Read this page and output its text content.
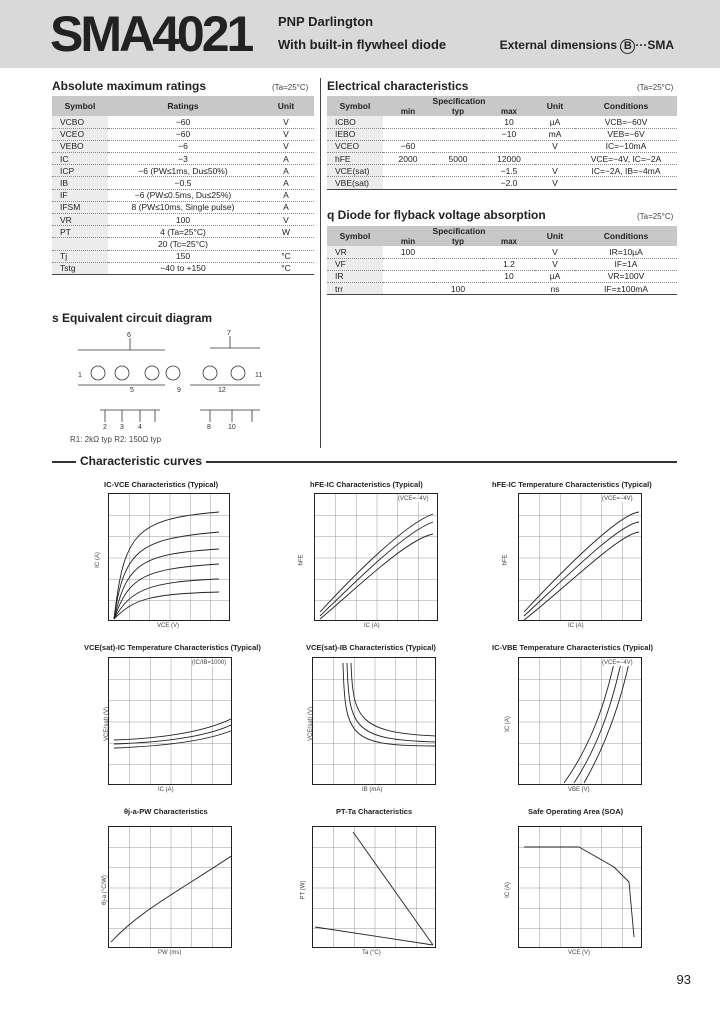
SMA4021 PNP Darlington
With built-in flywheel diode	External dimensions B ···SMA
Absolute maximum ratings	(Ta=25°C)
Symbol	Ratings	Unit
VCBO	−60	V
VCEO	−60	V
VEBO	−6	V
IC	−3	A
ICP	−6 (PW≤1ms, Du≤50%)	A
IB	−0.5	A
IF	−6 (PW≤0.5ms, Du≤25%)	A
IFSM	8 (PW≤10ms, Single pulse)	A
VR	100	V
PT	4 (Ta=25°C)	W
	20 (Tc=25°C)	
Tj	150	°C
Tstg	−40 to +150	°C
Electrical characteristics	(Ta=25°C)
Symbol	Specification			Unit	Conditions
	min	typ	max		
ICBO			10	µA	VCB=−60V
IEBO			−10	mA	VEB=−6V
VCEO	−60			V	IC=−10mA
hFE	2000	5000	12000		VCE=−4V, IC=−2A
VCE(sat)			−1.5	V	IC=−2A, IB=−4mA
VBE(sat)			−2.0	V	
q Diode for flyback voltage absorption	(Ta=25°C)
Symbol	Specification			Unit	Conditions
	min	typ	max		
VR	100			V	IR=10µA
VF			1.2	V	IF=1A
IR			10	µA	VR=100V
trr		100		ns	IF=±100mA
s Equivalent circuit diagram
6	7
1
2 3 4
5
8
9
10
11
12
R1: 2kΩ typ R2: 150Ω typ
Characteristic curves
IC-VCE Characteristics (Typical)
VCE (V)
IC (A)
hFE-IC Characteristics (Typical)
IC (A)
hFE
(VCE=−4V)
hFE-IC Temperature Characteristics (Typical)
IC (A)
hFE
(VCE=−4V)
VCE(sat)-IC Temperature Characteristics (Typical)
IC (A)
VCE(sat) (V)
(IC/IB=1000)
VCE(sat)-IB Characteristics (Typical)
IB (mA)
VCE(sat) (V)
IC-VBE Temperature Characteristics (Typical)
VBE (V)
IC (A)
(VCE=−4V)
θj-a-PW Characteristics
PW (ms)
θj-a (°C/W)
PT-Ta Characteristics
Ta (°C)
PT (W)
Safe Operating Area (SOA)
VCE (V)
IC (A)
93
